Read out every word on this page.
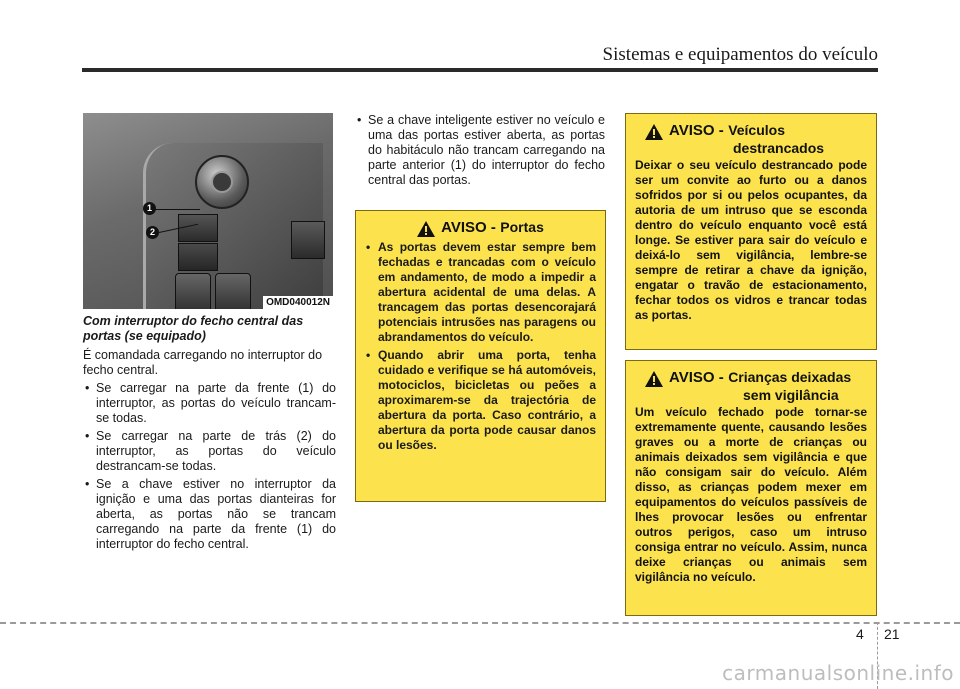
Sistemas e equipamentos do veículo
1
2
OMD040012N
Com interruptor do fecho central das portas (se equipado)
É comandada carregando no interruptor do fecho central.
• Se carregar na parte da frente (1) do interruptor, as portas do veículo trancam-se todas.
• Se carregar na parte de trás (2) do interruptor, as portas do veículo destrancam-se todas.
• Se a chave estiver no interruptor da ignição e uma das portas dianteiras for aberta, as portas não se trancam carregando na parte da frente (1) do interruptor do fecho central.
• Se a chave inteligente estiver no veículo e uma das portas estiver aberta, as portas do habitáculo não trancam carregando na parte anterior (1) do interruptor do fecho central das portas.
AVISO - Portas
• As portas devem estar sempre bem fechadas e trancadas com o veículo em andamento, de modo a impedir a abertura acidental de uma delas. A trancagem das portas desencorajará potenciais intrusões nas paragens ou abrandamentos do veículo.
• Quando abrir uma porta, tenha cuidado e verifique se há automóveis, motociclos, bicicletas ou peões a aproximarem-se da trajectória de abertura da porta. Caso contrário, a abertura da porta pode causar danos ou lesões.
AVISO - Veículos
destrancados
Deixar o seu veículo destrancado pode ser um convite ao furto ou a danos sofridos por si ou pelos ocupantes, da autoria de um intruso que se esconda dentro do veículo enquanto você está longe. Se estiver para sair do veículo e deixá-lo sem vigilância, lembre-se sempre de retirar a chave da ignição, engatar o travão de estacionamento, fechar todos os vidros e trancar todas as portas.
AVISO - Crianças deixadas
sem vigilância
Um veículo fechado pode tornar-se extremamente quente, causando lesões graves ou a morte de crianças ou animais deixados sem vigilância e que não consigam sair do veículo. Além disso, as crianças podem mexer em equipamentos do veículos passíveis de lhes provocar lesões ou enfrentar outros perigos, caso um intruso consiga entrar no veículo. Assim, nunca deixe crianças ou animais sem vigilância no veículo.
4 21
carmanualsonline.info
